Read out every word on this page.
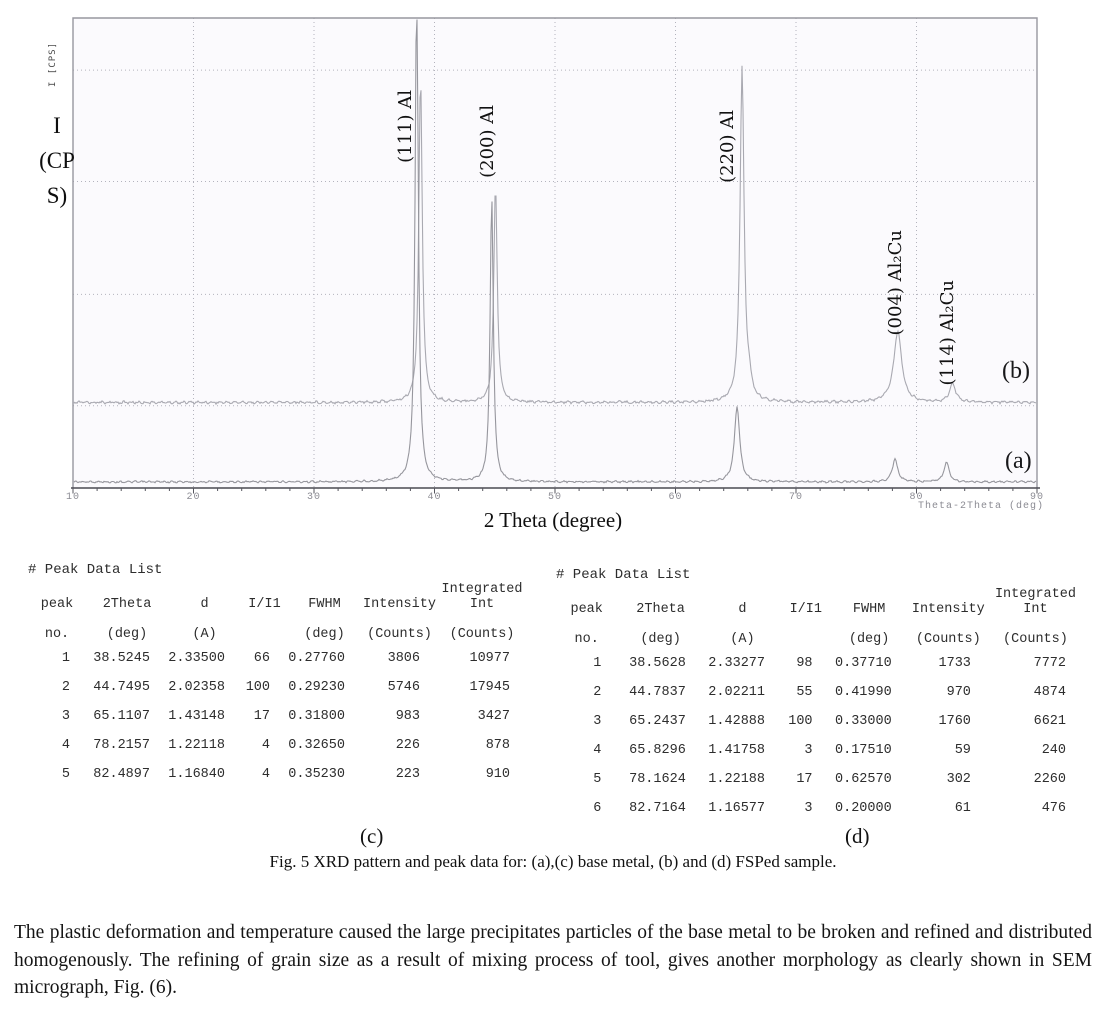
I [CPS]
I
(CP
S)
2 Theta (degree)
Theta-2Theta (deg)
10	20	30	40	50	60	70	80	90
(111) Al	(200) Al	(220) Al
(004) Al₂Cu (114) Al₂Cu (b)
(a)
# Peak Data List
peak	2Theta	d	I/I1	FWHM	Intensity	Integrated Int
no.	(deg)	(A)		(deg)	(Counts)	(Counts)
1	38.5245	2.33500	66	0.27760	3806	10977
2	44.7495	2.02358	100	0.29230	5746	17945
3	65.1107	1.43148	17	0.31800	983	3427
4	78.2157	1.22118	4	0.32650	226	878
5	82.4897	1.16840	4	0.35230	223	910
# Peak Data List
peak	2Theta	d	I/I1	FWHM	Intensity	Integrated Int
no.	(deg)	(A)		(deg)	(Counts)	(Counts)
1	38.5628	2.33277	98	0.37710	1733	7772
2	44.7837	2.02211	55	0.41990	970	4874
3	65.2437	1.42888	100	0.33000	1760	6621
4	65.8296	1.41758	3	0.17510	59	240
5	78.1624	1.22188	17	0.62570	302	2260
6	82.7164	1.16577	3	0.20000	61	476
(c)	(d)
Fig. 5 XRD pattern and peak data for: (a),(c) base metal, (b) and (d) FSPed sample.
The plastic deformation and temperature caused the large precipitates particles of the base metal to be broken and refined and distributed homogenously. The refining of grain size as a result of mixing process of tool, gives another morphology as clearly shown in SEM micrograph, Fig. (6).
